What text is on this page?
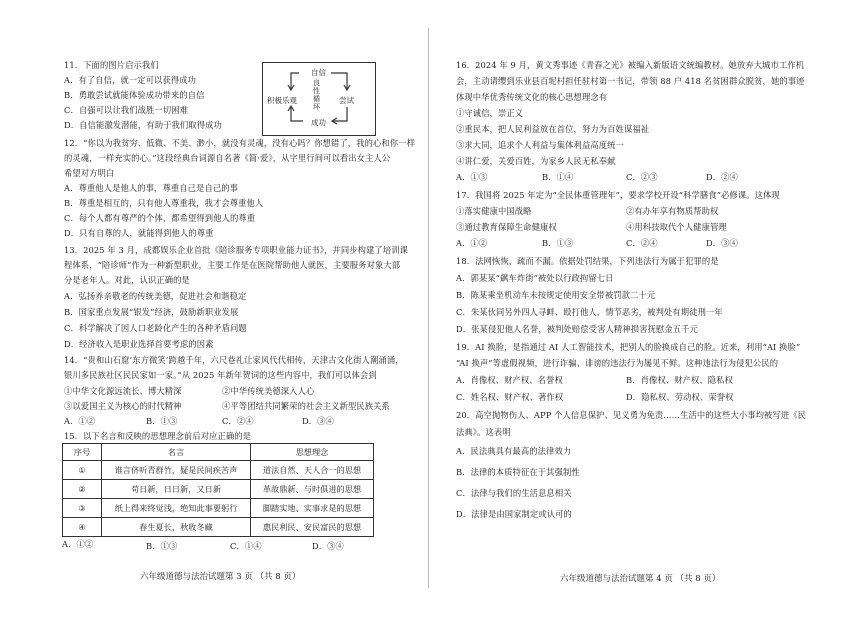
11．下面的图片启示我们
A．有了自信，就一定可以获得成功
B．勇敢尝试就能体验成功带来的自信
C．自强可以让我们战胜一切困难
D．自信能激发潜能，有助于我们取得成功
自信
良性循环
积极乐观	尝试
成功
12．“你以为我贫穷、低微、不美、渺小，就没有灵魂，没有心吗？你想错了，我的心和你一样
的灵魂，一样充实的心。”这段经典台词源自名著《简·爱》，从字里行间可以看出女主人公
希望对方明白
A．尊重他人是他人的事，尊重自己是自己的事
B．尊重是相互的，只有他人尊重我，我才会尊重他人
C．每个人都有尊严的个体，都希望得到他人的尊重
D．只有自尊的人，就能得到他人的尊重
13．2025 年 3 月，成都娱乐企业首批《陪诊服务专项职业能力证书》，并同步构建了培训课
程体系，“陪诊师”作为一种新型职业，主要工作是在医院帮助他人就医，主要服务对象大部
分是老年人。对此，认识正确的是
A．弘扬养亲敬老的传统美德，促进社会和谐稳定
B．国家重点发展“银发”经济，鼓励新职业发展
C．科学解决了因人口老龄化产生的各种矛盾问题
D．经济收入是职业选择首要考虑的因素
14．“贵和山石窟‘东方微笑’跨越千年，六尺巷礼让家风代代相传，天津古文化街人潮涌涌，
银川多民族社区民民家如一家。”从 2025 年新年贺词的这些内容中，我们可以体会到
①中华文化源远流长、博大精深	②中华传统美德深入人心
③以爱国主义为核心的时代精神	④平等团结共同繁荣的社会主义新型民族关系
A．①②	B．①③	C．②④	D．③④
15．以下名言和反映的思想理念前后对应正确的是
序号	名言	思想理念
①	谁言侪听青群竹，疑是民间疾苦声	道法自然、天人合一的思想
②	苟日新，日日新，又日新	革故鼎新、与时俱进的思想
③	纸上得来终觉浅，绝知此事要躬行	脚踏实地、实事求是的思想
④	春生夏长，秋收冬藏	惠民利民、安民富民的思想
A．①②	B．①③	C．①④	D．③④
六年级道德与法治试题第 3 页 （共 8 页）
16．2024 年 9 月，黄文秀事迹《青春之光》被编入新版语文统编教材。她放弃大城市工作机
会，主动请缨到乐业县百坭村担任驻村第一书记，带领 88 户 418 名贫困群众脱贫，她的事迹
体现中华优秀传统文化的核心思想理念有
①守诚信，崇正义
②重民本，把人民利益放在首位，努力为百姓谋福祉
③求大同，追求个人利益与集体利益高度统一
④讲仁爱，关爱百姓，为家乡人民无私奉献
A．①③	B．①④	C．②③	D．②④
17．我国将 2025 年定为“全民体重管理年”，要求学校开设“科学膳食”必修课。这体现
①落实健康中国战略	②有办年享有物质帮助权
③通过教育保障生命健康权	④用科技取代个人健康管理
A．①②	B．①③	C．②④	D．③④
18．法网恢恢，疏而不漏。依据处罚结果，下列违法行为属于犯罪的是
A．郭某某“飙车炸街”被处以行政拘留七日
B．陈某乘坐机动车未按规定使用安全带被罚款二十元
C．朱某伙同另外四人寻衅、殴打他人，情节恶劣，被判处有期徒刑一年
D．张某侵犯他人名誉，被判处赔偿受害人精神损害抚慰金五千元
19．AI 换脸，是指通过 AI 人工智能技术，把别人的脸换成自己的脸。近来，利用“AI 换脸”
“AI 换声”等虚假视频，进行诈骗、诽谤的违法行为屡见不鲜。这种违法行为侵犯公民的
A．肖像权、财产权、名誉权	B．肖像权、财产权、隐私权
C．姓名权、财产权、著作权	D．隐私权、劳动权、荣誉权
20．高空抛物伤人、APP 个人信息保护、见义勇为免责……生活中的这些大小事均被写进《民
法典》。这表明
A．民法典具有最高的法律效力
B．法律的本质特征在于其强制性
C．法律与我们的生活息息相关
D．法律是由国家制定或认可的
六年级道德与法治试题第 4 页 （共 8 页）
